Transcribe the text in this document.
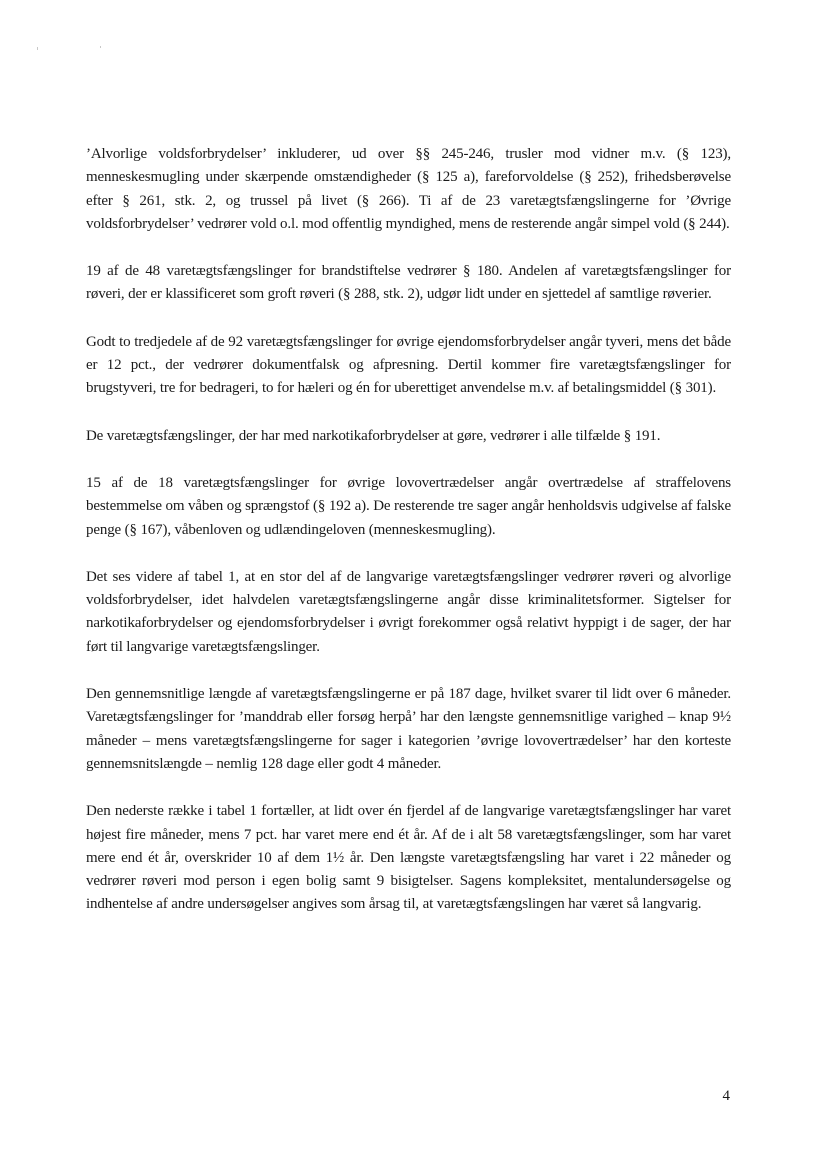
’Alvorlige voldsforbrydelser’ inkluderer, ud over §§ 245-246, trusler mod vidner m.v. (§ 123), menneskesmugling under skærpende omstændigheder (§ 125 a), fareforvoldelse (§ 252), frihedsberøvelse efter § 261, stk. 2, og trussel på livet (§ 266). Ti af de 23 varetægtsfængslingerne for ’Øvrige voldsforbrydelser’ vedrører vold o.l. mod offentlig myndighed, mens de resterende angår simpel vold (§ 244).

19 af de 48 varetægtsfængslinger for brandstiftelse vedrører § 180. Andelen af varetægtsfængslinger for røveri, der er klassificeret som groft røveri (§ 288, stk. 2), udgør lidt under en sjettedel af samtlige røverier.

Godt to tredjedele af de 92 varetægtsfængslinger for øvrige ejendomsforbrydelser angår tyveri, mens det både er 12 pct., der vedrører dokumentfalsk og afpresning. Dertil kommer fire varetægtsfængslinger for brugstyveri, tre for bedrageri, to for hæleri og én for uberettiget anvendelse m.v. af betalingsmiddel (§ 301).

De varetægtsfængslinger, der har med narkotikaforbrydelser at gøre, vedrører i alle tilfælde § 191.

15 af de 18 varetægtsfængslinger for øvrige lovovertrædelser angår overtrædelse af straffelovens bestemmelse om våben og sprængstof (§ 192 a). De resterende tre sager angår henholdsvis udgivelse af falske penge (§ 167), våbenloven og udlændingeloven (menneskesmugling).

Det ses videre af tabel 1, at en stor del af de langvarige varetægtsfængslinger vedrører røveri og alvorlige voldsforbrydelser, idet halvdelen varetægtsfængslingerne angår disse kriminalitetsformer. Sigtelser for narkotikaforbrydelser og ejendomsforbrydelser i øvrigt forekommer også relativt hyppigt i de sager, der har ført til langvarige varetægtsfængslinger.

Den gennemsnitlige længde af varetægtsfængslingerne er på 187 dage, hvilket svarer til lidt over 6 måneder. Varetægtsfængslinger for ’manddrab eller forsøg herpå’ har den længste gennemsnitlige varighed – knap 9½ måneder – mens varetægtsfængslingerne for sager i kategorien ’øvrige lovovertrædelser’ har den korteste gennemsnitslængde – nemlig 128 dage eller godt 4 måneder.

Den nederste række i tabel 1 fortæller, at lidt over én fjerdel af de langvarige varetægtsfængslinger har varet højest fire måneder, mens 7 pct. har varet mere end ét år. Af de i alt 58 varetægtsfængslinger, som har varet mere end ét år, overskrider 10 af dem 1½ år. Den længste varetægtsfængsling har varet i 22 måneder og vedrører røveri mod person i egen bolig samt 9 bisigtelser. Sagens kompleksitet, mentalundersøgelse og indhentelse af andre undersøgelser angives som årsag til, at varetægtsfængslingen har været så langvarig.

4
